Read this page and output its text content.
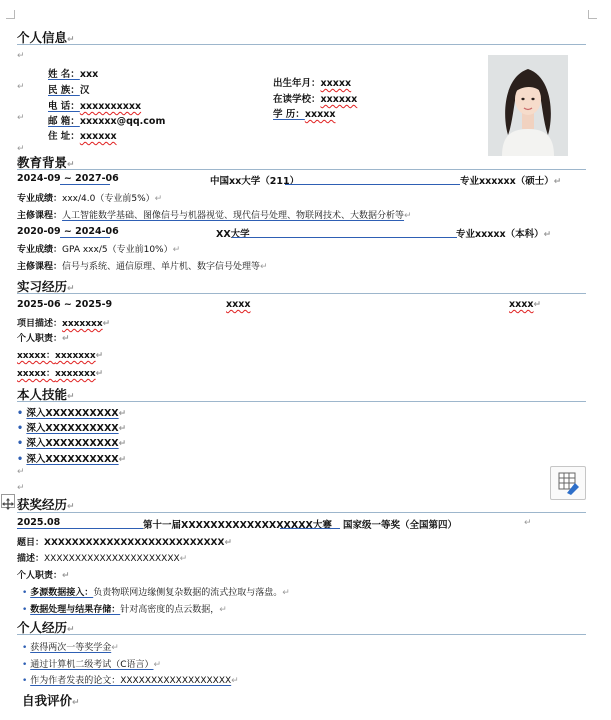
个人信息↵
↵
姓 名：xxx
民 族：汉
电 话：xxxxxxxxxx
邮 箱：xxxxxx@qq.com
住 址：xxxxxx
↵
↵
↵
出生年月：xxxxx
在读学校：xxxxxx
学 历：xxxxx
教育背景↵
2024-09 ~ 2027-06	中国xx大学（211）	专业xxxxxx（硕士）↵
专业成绩：xxx/4.0（专业前5%）↵
主修课程：人工智能数学基础、图像信号与机器视觉、现代信号处理、物联网技术、大数据分析等↵
2020-09 ~ 2024-06	XX大学	专业xxxxx（本科）↵
专业成绩：GPA xxx/5（专业前10%）↵
主修课程：信号与系统、通信原理、单片机、数字信号处理等↵
实习经历↵
2025-06 ~ 2025-9	xxxx	xxxx↵
项目描述：xxxxxxx↵
个人职责：↵
xxxxx：xxxxxxx↵
xxxxx：xxxxxxx↵
本人技能↵
• 深入XXXXXXXXXX↵
• 深入XXXXXXXXXX↵
• 深入XXXXXXXXXX↵
• 深入XXXXXXXXXX↵
↵
↵
获奖经历↵
2025.08	第十一届XXXXXXXXXXXXXXXXXX大赛 国家级一等奖（全国第四）	↵
题目：XXXXXXXXXXXXXXXXXXXXXXXXXX↵
描述：XXXXXXXXXXXXXXXXXXXXXX↵
个人职责：↵
• 多源数据接入：负责物联网边缘侧复杂数据的流式拉取与落盘。↵
• 数据处理与结果存储：针对高密度的点云数据，↵
个人经历↵
• 获得两次一等奖学金↵
• 通过计算机二级考试（C语言）↵
• 作为作者发表的论文：XXXXXXXXXXXXXXXXXX↵
自我评价↵
